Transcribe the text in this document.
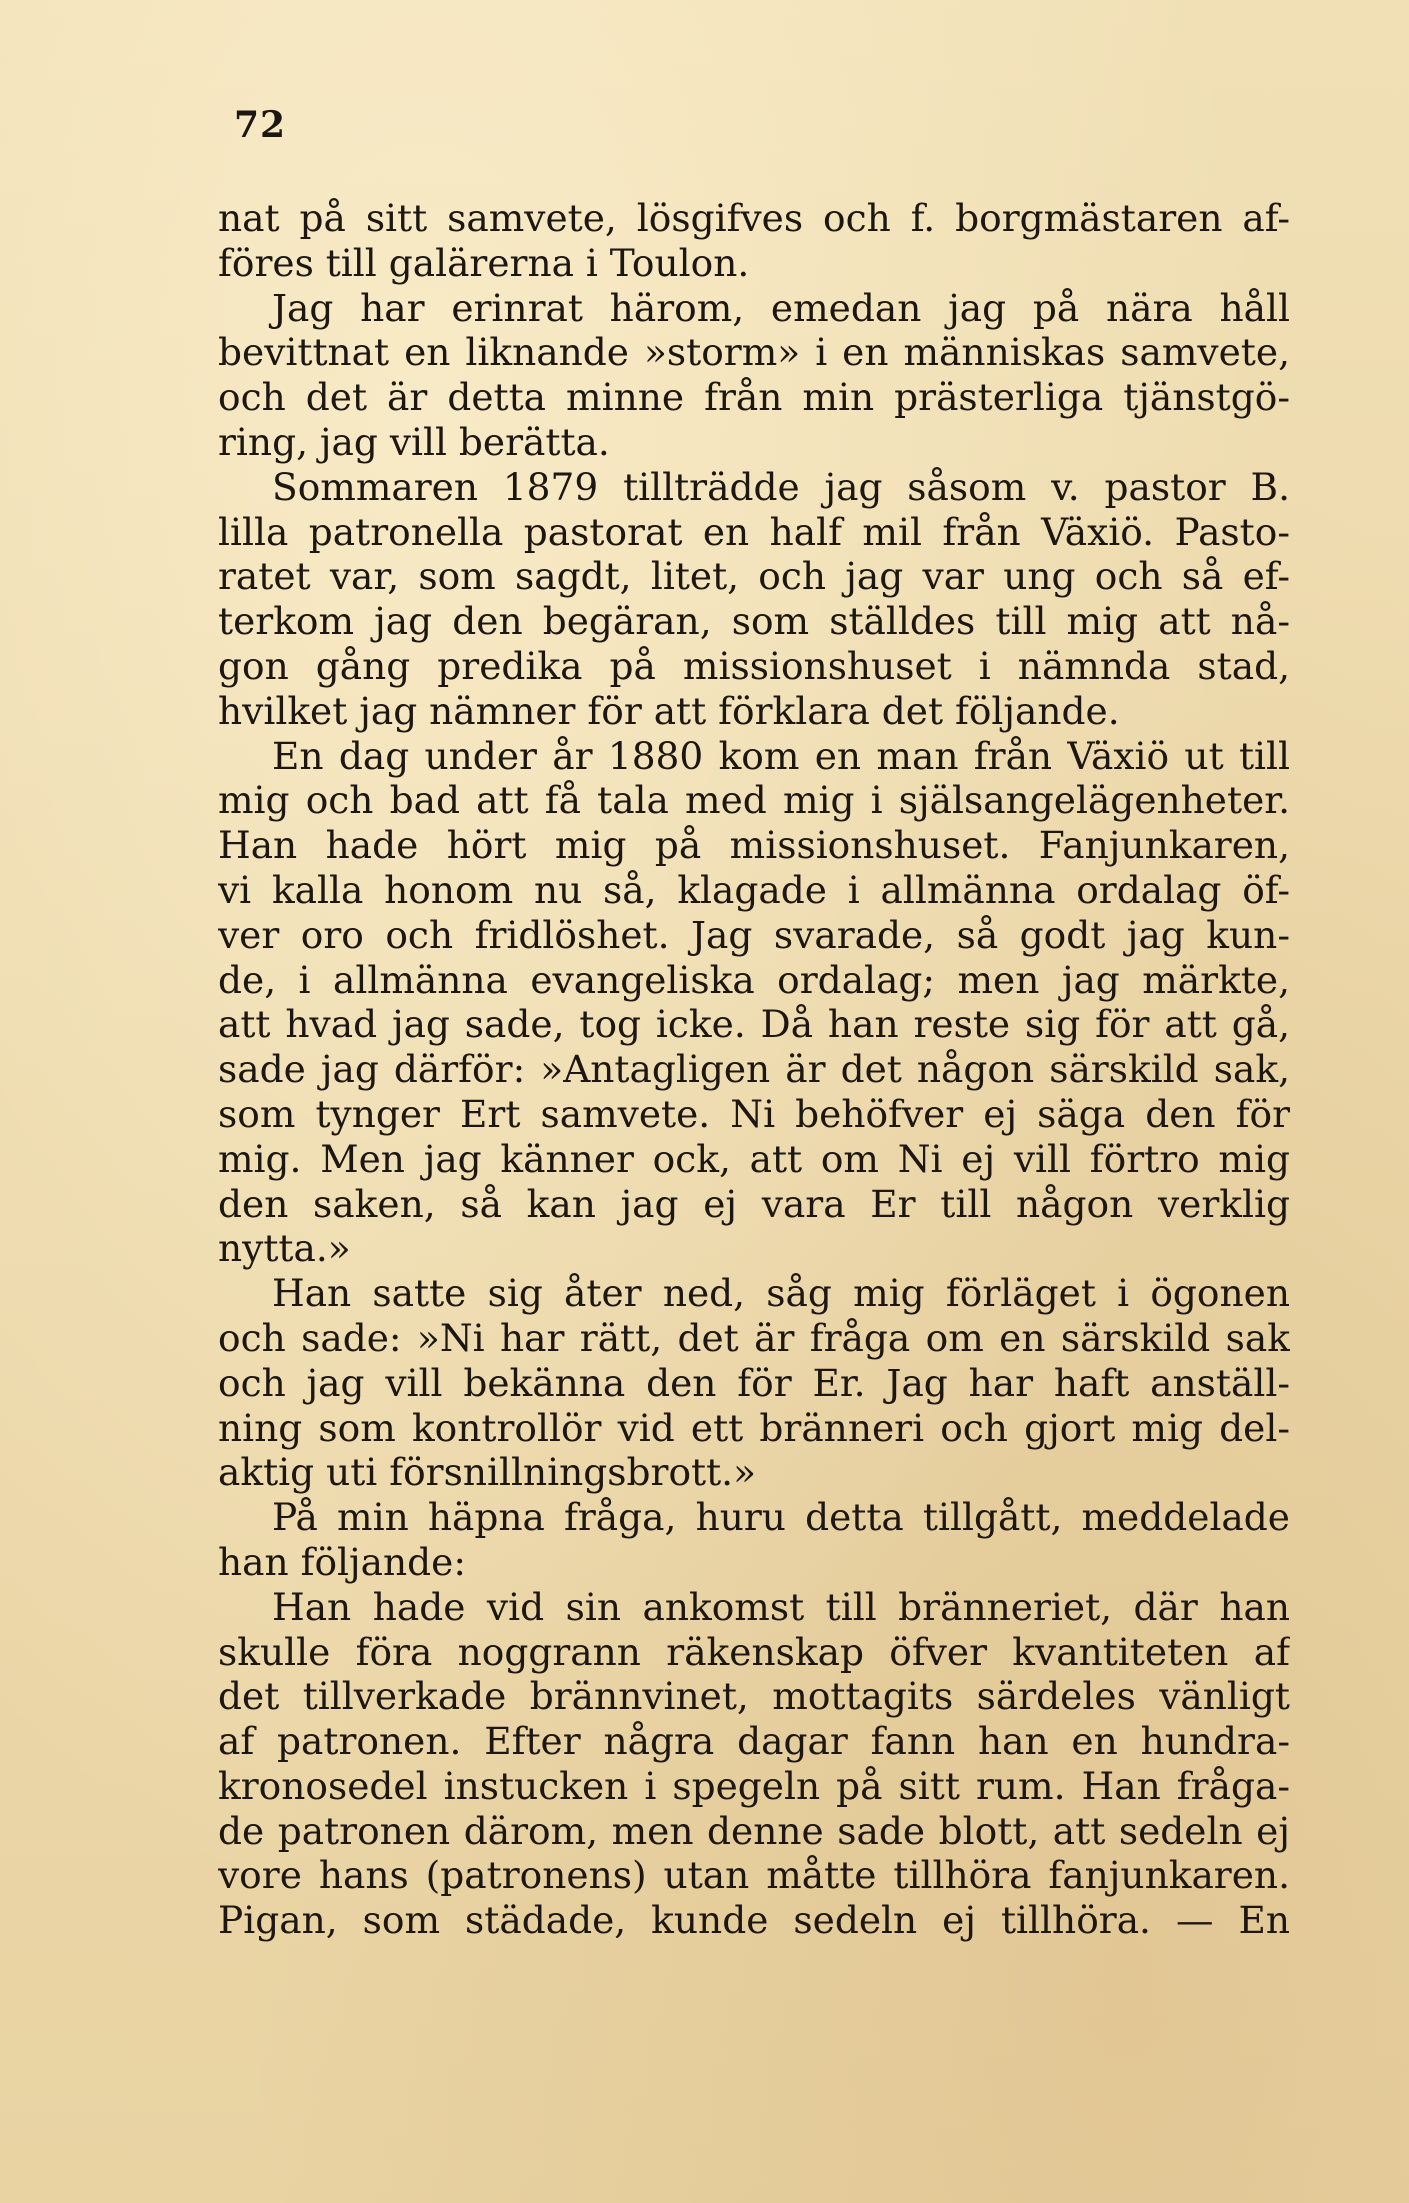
72
nat på sitt samvete, lösgifves och f. borgmästaren af-
föres till galärerna i Toulon.
Jag har erinrat härom, emedan jag på nära håll
bevittnat en liknande »storm» i en människas samvete,
och det är detta minne från min prästerliga tjänstgö-
ring, jag vill berätta.
Sommaren 1879 tillträdde jag såsom v. pastor B.
lilla patronella pastorat en half mil från Växiö. Pasto-
ratet var, som sagdt, litet, och jag var ung och så ef-
terkom jag den begäran, som ställdes till mig att nå-
gon gång predika på missionshuset i nämnda stad,
hvilket jag nämner för att förklara det följande.
En dag under år 1880 kom en man från Växiö ut till
mig och bad att få tala med mig i själsangelägenheter.
Han hade hört mig på missionshuset. Fanjunkaren,
vi kalla honom nu så, klagade i allmänna ordalag öf-
ver oro och fridlöshet. Jag svarade, så godt jag kun-
de, i allmänna evangeliska ordalag; men jag märkte,
att hvad jag sade, tog icke. Då han reste sig för att gå,
sade jag därför: »Antagligen är det någon särskild sak,
som tynger Ert samvete. Ni behöfver ej säga den för
mig. Men jag känner ock, att om Ni ej vill förtro mig
den saken, så kan jag ej vara Er till någon verklig
nytta.»
Han satte sig åter ned, såg mig förläget i ögonen
och sade: »Ni har rätt, det är fråga om en särskild sak
och jag vill bekänna den för Er. Jag har haft anställ-
ning som kontrollör vid ett bränneri och gjort mig del-
aktig uti försnillningsbrott.»
På min häpna fråga, huru detta tillgått, meddelade
han följande:
Han hade vid sin ankomst till bränneriet, där han
skulle föra noggrann räkenskap öfver kvantiteten af
det tillverkade brännvinet, mottagits särdeles vänligt
af patronen. Efter några dagar fann han en hundra-
kronosedel instucken i spegeln på sitt rum. Han fråga-
de patronen därom, men denne sade blott, att sedeln ej
vore hans (patronens) utan måtte tillhöra fanjunkaren.
Pigan, som städade, kunde sedeln ej tillhöra. — En
